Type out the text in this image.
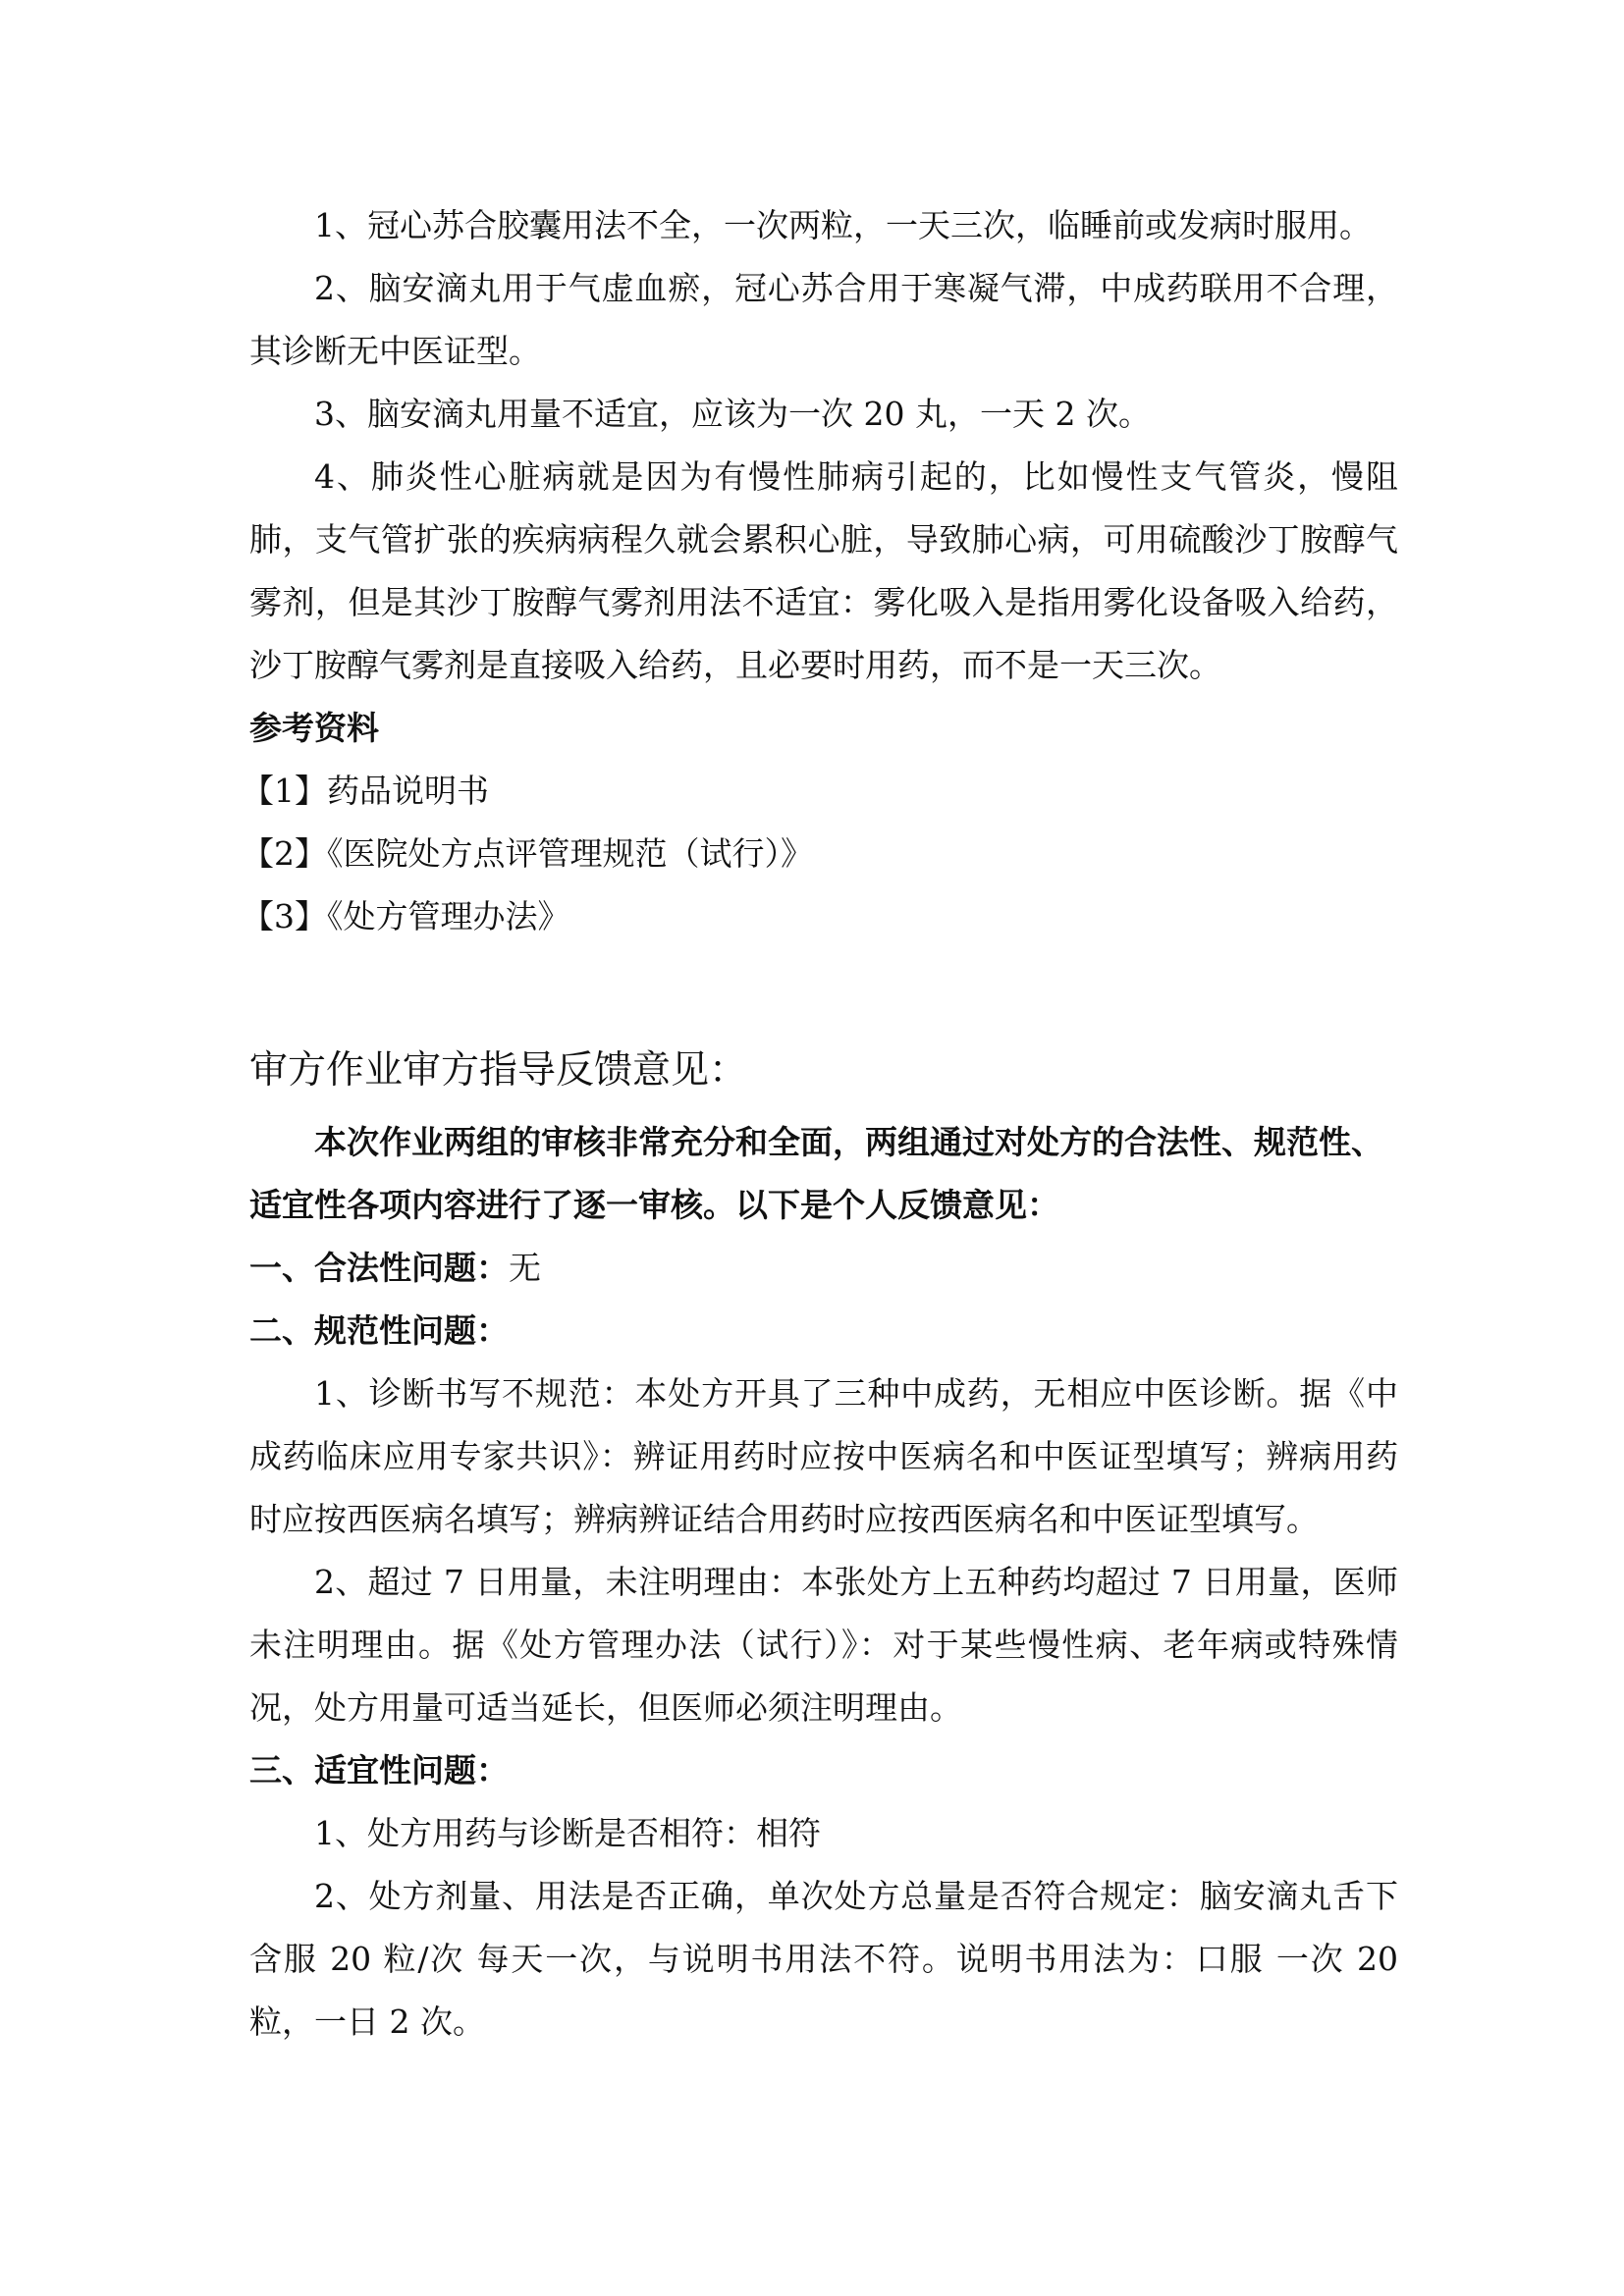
1、冠心苏合胶囊用法不全，一次两粒，一天三次，临睡前或发病时服用。

2、脑安滴丸用于气虚血瘀，冠心苏合用于寒凝气滞，中成药联用不合理，其诊断无中医证型。

3、脑安滴丸用量不适宜，应该为一次 20 丸，一天 2 次。

4、肺炎性心脏病就是因为有慢性肺病引起的，比如慢性支气管炎，慢阻肺，支气管扩张的疾病病程久就会累积心脏，导致肺心病，可用硫酸沙丁胺醇气雾剂，但是其沙丁胺醇气雾剂用法不适宜：雾化吸入是指用雾化设备吸入给药，沙丁胺醇气雾剂是直接吸入给药，且必要时用药，而不是一天三次。

参考资料

【1】药品说明书

【2】《医院处方点评管理规范（试行）》

【3】《处方管理办法》

审方作业审方指导反馈意见：

本次作业两组的审核非常充分和全面，两组通过对处方的合法性、规范性、适宜性各项内容进行了逐一审核。以下是个人反馈意见：

一、合法性问题：无

二、规范性问题：

1、诊断书写不规范：本处方开具了三种中成药，无相应中医诊断。据《中成药临床应用专家共识》：辨证用药时应按中医病名和中医证型填写；辨病用药时应按西医病名填写；辨病辨证结合用药时应按西医病名和中医证型填写。

2、超过 7 日用量，未注明理由：本张处方上五种药均超过 7 日用量，医师未注明理由。据《处方管理办法（试行）》：对于某些慢性病、老年病或特殊情况，处方用量可适当延长，但医师必须注明理由。

三、适宜性问题：

1、处方用药与诊断是否相符：相符

2、处方剂量、用法是否正确，单次处方总量是否符合规定：脑安滴丸舌下含服 20 粒/次 每天一次，与说明书用法不符。说明书用法为：口服 一次 20 粒，一日 2 次。
